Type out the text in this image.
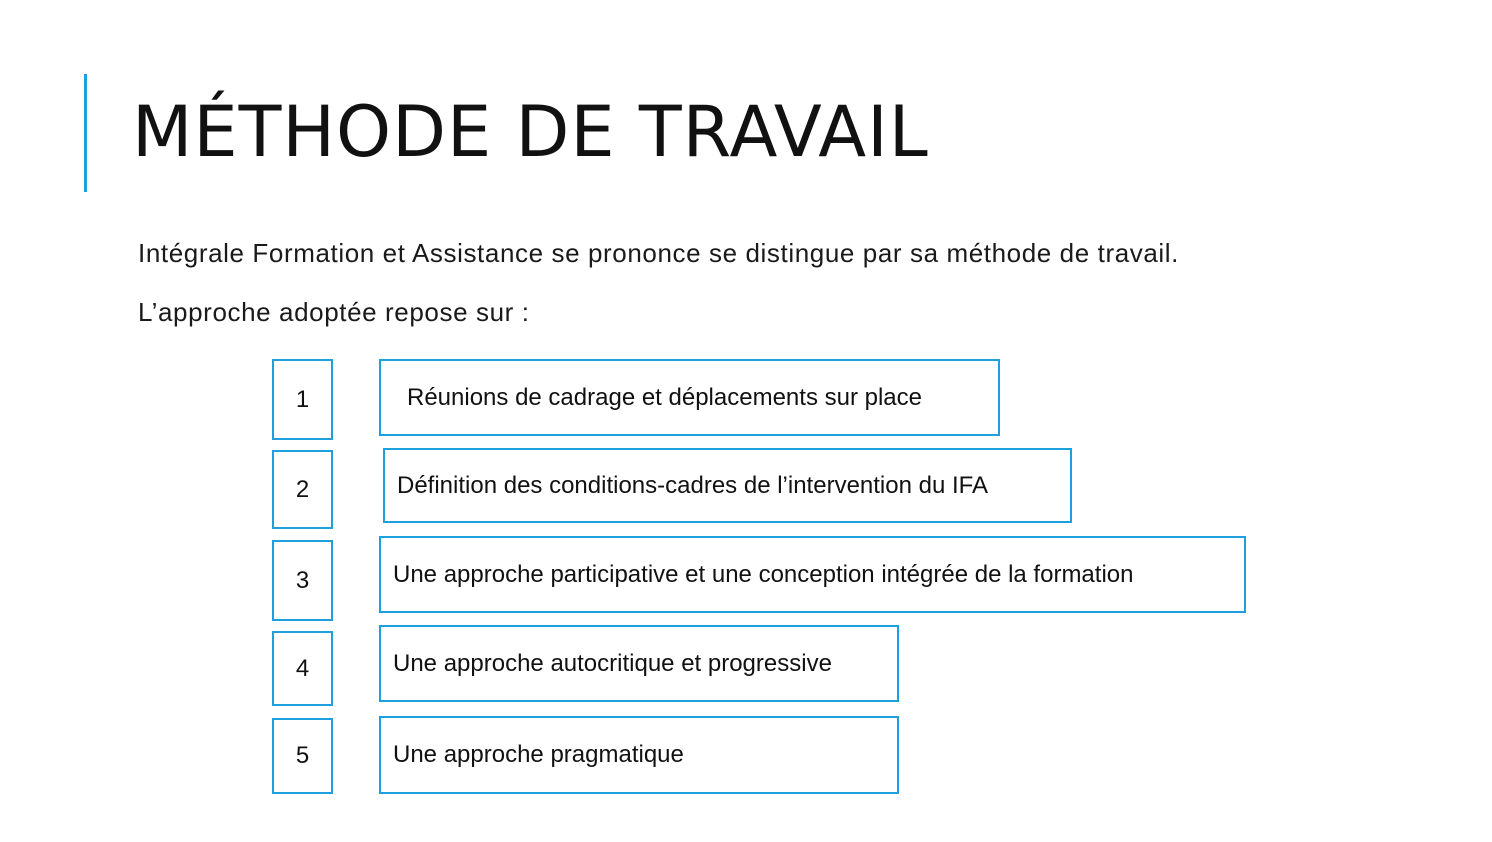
MÉTHODE DE TRAVAIL
Intégrale Formation et Assistance se prononce se distingue par sa méthode de travail.
L’approche adoptée repose sur :
1	Réunions de cadrage et déplacements sur place
2	Définition des conditions-cadres de l’intervention du IFA
3	Une approche participative et une conception intégrée de la formation
4	Une approche autocritique et progressive
5	Une approche pragmatique
